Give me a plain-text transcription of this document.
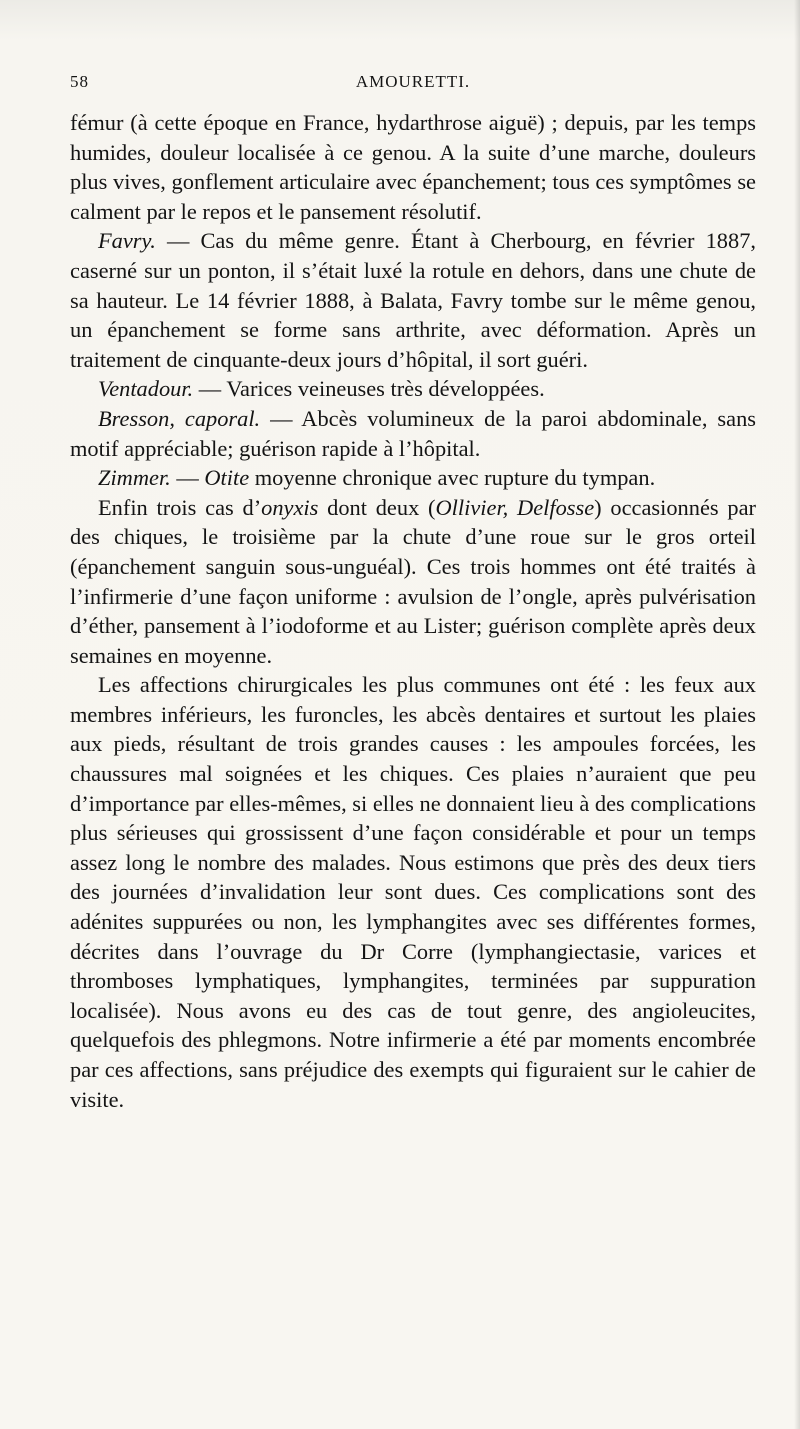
58	AMOURETTI.

fémur (à cette époque en France, hydarthrose aiguë) ; depuis, par les temps humides, douleur localisée à ce genou. A la suite d’une marche, douleurs plus vives, gonflement articulaire avec épanchement; tous ces symptômes se calment par le repos et le pansement résolutif.

Favry. — Cas du même genre. Étant à Cherbourg, en février 1887, caserné sur un ponton, il s’était luxé la rotule en dehors, dans une chute de sa hauteur. Le 14 février 1888, à Balata, Favry tombe sur le même genou, un épanchement se forme sans arthrite, avec déformation. Après un traitement de cinquante-deux jours d’hôpital, il sort guéri.

Ventadour. — Varices veineuses très développées.

Bresson, caporal. — Abcès volumineux de la paroi abdominale, sans motif appréciable; guérison rapide à l’hôpital.

Zimmer. — Otite moyenne chronique avec rupture du tympan.

Enfin trois cas d’onyxis dont deux (Ollivier, Delfosse) occasionnés par des chiques, le troisième par la chute d’une roue sur le gros orteil (épanchement sanguin sous-unguéal). Ces trois hommes ont été traités à l’infirmerie d’une façon uniforme : avulsion de l’ongle, après pulvérisation d’éther, pansement à l’iodoforme et au Lister; guérison complète après deux semaines en moyenne.

Les affections chirurgicales les plus communes ont été : les feux aux membres inférieurs, les furoncles, les abcès dentaires et surtout les plaies aux pieds, résultant de trois grandes causes : les ampoules forcées, les chaussures mal soignées et les chiques. Ces plaies n’auraient que peu d’importance par elles-mêmes, si elles ne donnaient lieu à des complications plus sérieuses qui grossissent d’une façon considérable et pour un temps assez long le nombre des malades. Nous estimons que près des deux tiers des journées d’invalidation leur sont dues. Ces complications sont des adénites suppurées ou non, les lymphangites avec ses différentes formes, décrites dans l’ouvrage du Dr Corre (lymphangiectasie, varices et thromboses lymphatiques, lymphangites, terminées par suppuration localisée). Nous avons eu des cas de tout genre, des angioleucites, quelquefois des phlegmons. Notre infirmerie a été par moments encombrée par ces affections, sans préjudice des exempts qui figuraient sur le cahier de visite.
